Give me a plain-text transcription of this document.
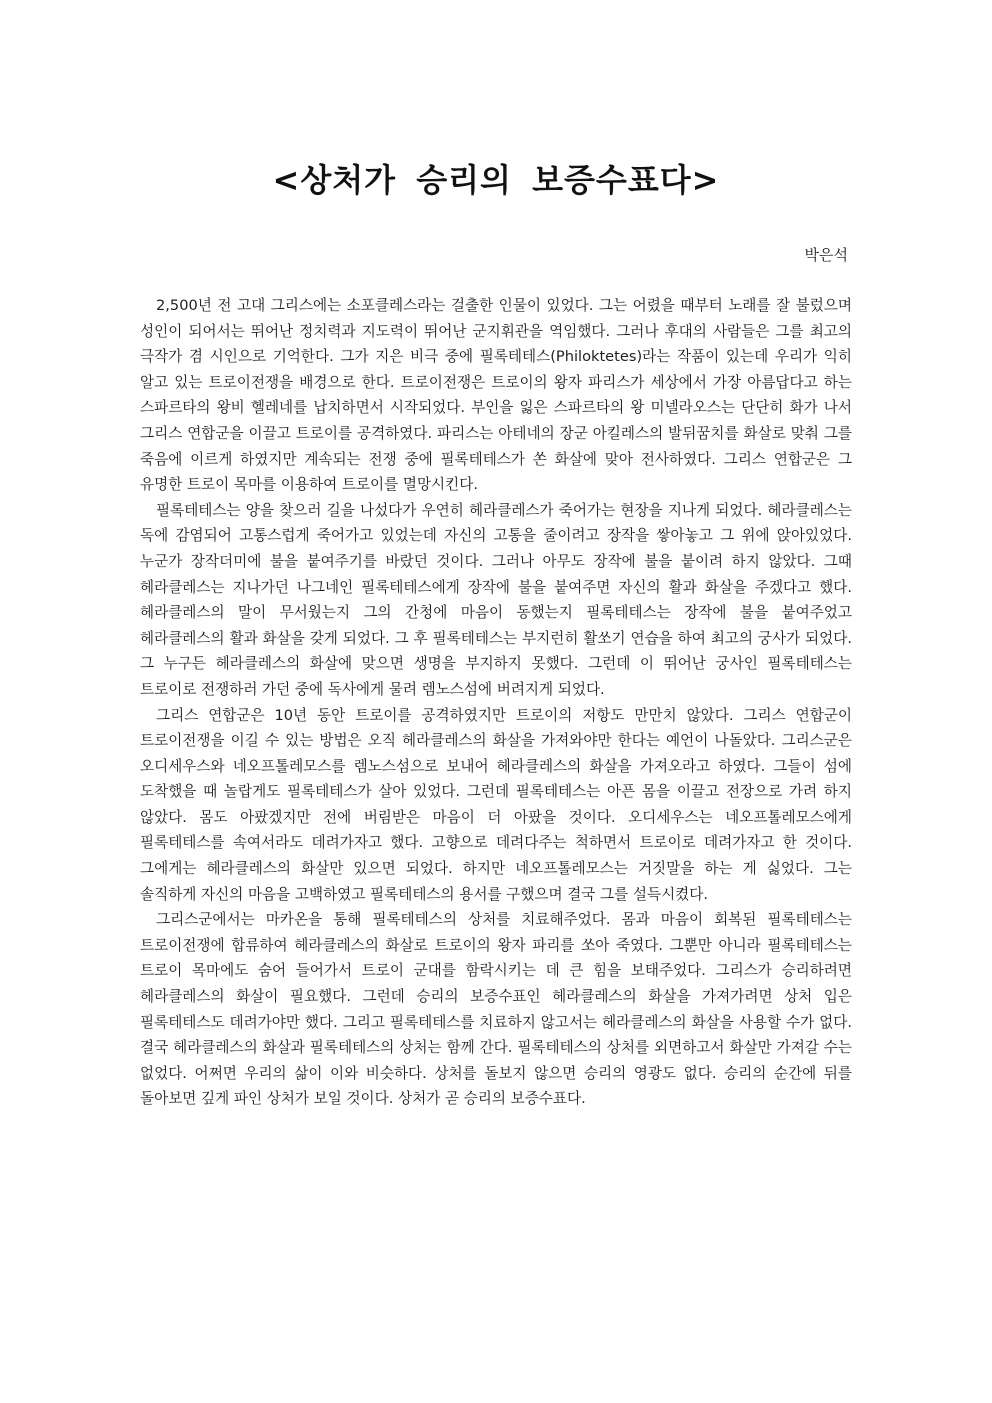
<상처가 승리의 보증수표다>
박은석

2,500년 전 고대 그리스에는 소포클레스라는 걸출한 인물이 있었다. 그는 어렸을 때부터 노래를 잘 불렀으며 성인이 되어서는 뛰어난 정치력과 지도력이 뛰어난 군지휘관을 역임했다. 그러나 후대의 사람들은 그를 최고의 극작가 겸 시인으로 기억한다. 그가 지은 비극 중에 필록테테스(Philoktetes)라는 작품이 있는데 우리가 익히 알고 있는 트로이전쟁을 배경으로 한다. 트로이전쟁은 트로이의 왕자 파리스가 세상에서 가장 아름답다고 하는 스파르타의 왕비 헬레네를 납치하면서 시작되었다. 부인을 잃은 스파르타의 왕 미넬라오스는 단단히 화가 나서 그리스 연합군을 이끌고 트로이를 공격하였다. 파리스는 아테네의 장군 아킬레스의 발뒤꿈치를 화살로 맞춰 그를 죽음에 이르게 하였지만 계속되는 전쟁 중에 필록테테스가 쏜 화살에 맞아 전사하였다. 그리스 연합군은 그 유명한 트로이 목마를 이용하여 트로이를 멸망시킨다.

필록테테스는 양을 찾으러 길을 나섰다가 우연히 헤라클레스가 죽어가는 현장을 지나게 되었다. 헤라클레스는 독에 감염되어 고통스럽게 죽어가고 있었는데 자신의 고통을 줄이려고 장작을 쌓아놓고 그 위에 앉아있었다. 누군가 장작더미에 불을 붙여주기를 바랐던 것이다. 그러나 아무도 장작에 불을 붙이려 하지 않았다. 그때 헤라클레스는 지나가던 나그네인 필록테테스에게 장작에 불을 붙여주면 자신의 활과 화살을 주겠다고 했다. 헤라클레스의 말이 무서웠는지 그의 간청에 마음이 동했는지 필록테테스는 장작에 불을 붙여주었고 헤라클레스의 활과 화살을 갖게 되었다. 그 후 필록테테스는 부지런히 활쏘기 연습을 하여 최고의 궁사가 되었다. 그 누구든 헤라클레스의 화살에 맞으면 생명을 부지하지 못했다. 그런데 이 뛰어난 궁사인 필록테테스는 트로이로 전쟁하러 가던 중에 독사에게 물려 렘노스섬에 버려지게 되었다.

그리스 연합군은 10년 동안 트로이를 공격하였지만 트로이의 저항도 만만치 않았다. 그리스 연합군이 트로이전쟁을 이길 수 있는 방법은 오직 헤라클레스의 화살을 가져와야만 한다는 예언이 나돌았다. 그리스군은 오디세우스와 네오프톨레모스를 렘노스섬으로 보내어 헤라클레스의 화살을 가져오라고 하였다. 그들이 섬에 도착했을 때 놀랍게도 필록테테스가 살아 있었다. 그런데 필록테테스는 아픈 몸을 이끌고 전장으로 가려 하지 않았다. 몸도 아팠겠지만 전에 버림받은 마음이 더 아팠을 것이다. 오디세우스는 네오프톨레모스에게 필록테테스를 속여서라도 데려가자고 했다. 고향으로 데려다주는 척하면서 트로이로 데려가자고 한 것이다. 그에게는 헤라클레스의 화살만 있으면 되었다. 하지만 네오프톨레모스는 거짓말을 하는 게 싫었다. 그는 솔직하게 자신의 마음을 고백하였고 필록테테스의 용서를 구했으며 결국 그를 설득시켰다.

그리스군에서는 마카온을 통해 필록테테스의 상처를 치료해주었다. 몸과 마음이 회복된 필록테테스는 트로이전쟁에 합류하여 헤라클레스의 화살로 트로이의 왕자 파리를 쏘아 죽였다. 그뿐만 아니라 필록테테스는 트로이 목마에도 숨어 들어가서 트로이 군대를 함락시키는 데 큰 힘을 보태주었다. 그리스가 승리하려면 헤라클레스의 화살이 필요했다. 그런데 승리의 보증수표인 헤라클레스의 화살을 가져가려면 상처 입은 필록테테스도 데려가야만 했다. 그리고 필록테테스를 치료하지 않고서는 헤라클레스의 화살을 사용할 수가 없다. 결국 헤라클레스의 화살과 필록테테스의 상처는 함께 간다. 필록테테스의 상처를 외면하고서 화살만 가져갈 수는 없었다. 어쩌면 우리의 삶이 이와 비슷하다. 상처를 돌보지 않으면 승리의 영광도 없다. 승리의 순간에 뒤를 돌아보면 깊게 파인 상처가 보일 것이다. 상처가 곧 승리의 보증수표다.
